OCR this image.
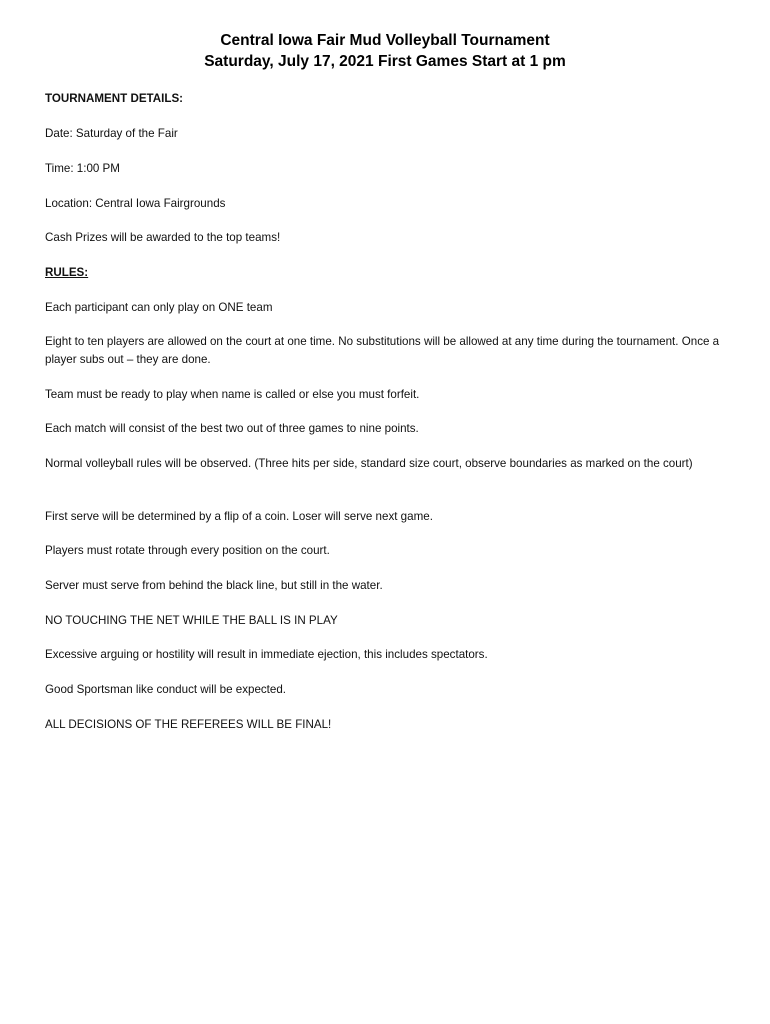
Central Iowa Fair Mud Volleyball Tournament
Saturday, July 17, 2021 First Games Start at 1 pm
TOURNAMENT DETAILS:
Date: Saturday of the Fair
Time: 1:00 PM
Location: Central Iowa Fairgrounds
Cash Prizes will be awarded to the top teams!
RULES:
Each participant can only play on ONE team
Eight to ten players are allowed on the court at one time. No substitutions will be allowed at any time during the tournament. Once a player subs out – they are done.
Team must be ready to play when name is called or else you must forfeit.
Each match will consist of the best two out of three games to nine points.
Normal volleyball rules will be observed. (Three hits per side, standard size court, observe boundaries as marked on the court)
First serve will be determined by a flip of a coin. Loser will serve next game.
Players must rotate through every position on the court.
Server must serve from behind the black line, but still in the water.
NO TOUCHING THE NET WHILE THE BALL IS IN PLAY
Excessive arguing or hostility will result in immediate ejection, this includes spectators.
Good Sportsman like conduct will be expected.
ALL DECISIONS OF THE REFEREES WILL BE FINAL!
